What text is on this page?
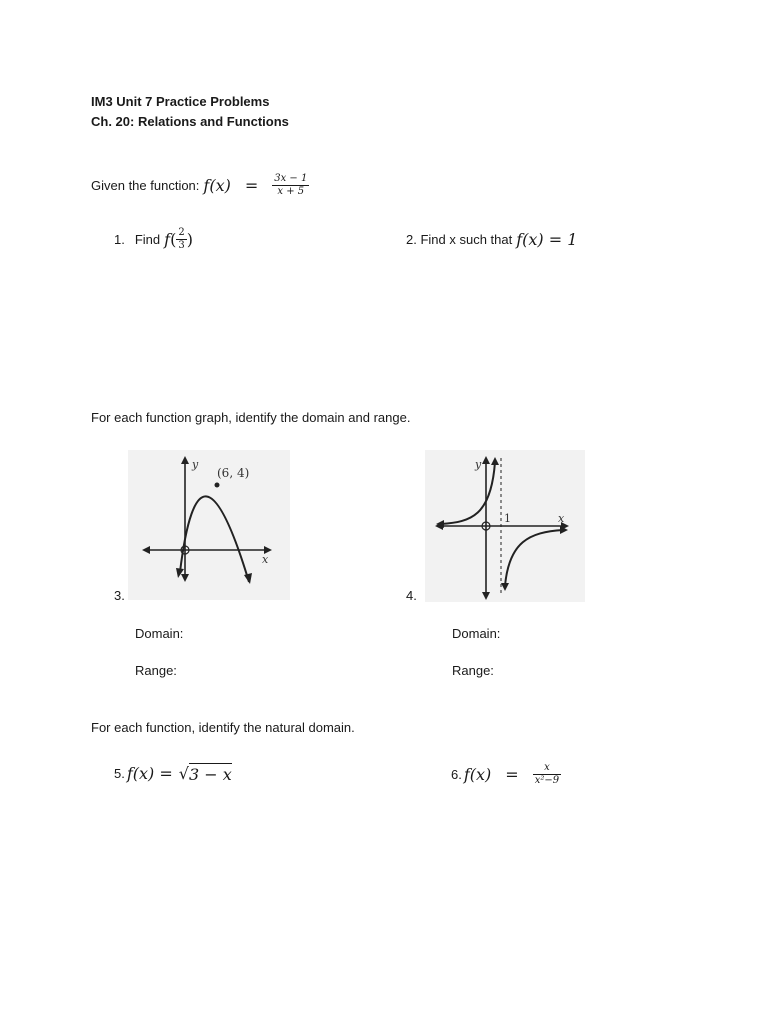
IM3 Unit 7 Practice Problems
Ch. 20: Relations and Functions
Given the function: $f(x) = \frac{3x - 1}{x + 5}$
1. Find f ( $\frac{2}{3}$ )	2. Find x such that f(x) = 1
For each function graph, identify the domain and range.
(6, 4)
y
x
3.
Domain:
Range:
1
y
x
4.
Domain:
Range:
For each function, identify the natural domain.
5. f(x) = √ 3 − x	6. $f(x) = \frac{x}{\text{x²−9}}$
